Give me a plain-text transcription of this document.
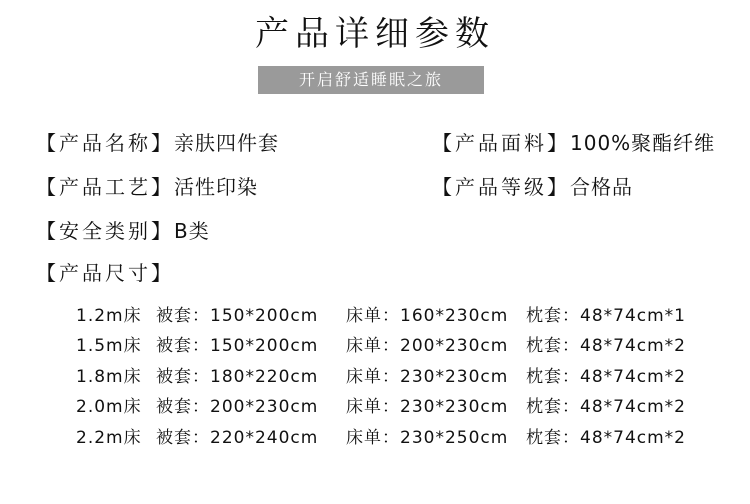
产品详细参数
开启舒适睡眠之旅
【产品名称】亲肤四件套	【产品面料】100%聚酯纤维
【产品工艺】活性印染	【产品等级】合格品
【安全类别】B类
【产品尺寸】
1.2m床 被套：150*200cm 床单：160*230cm 枕套：48*74cm*1
1.5m床 被套：150*200cm 床单：200*230cm 枕套：48*74cm*2
1.8m床 被套：180*220cm 床单：230*230cm 枕套：48*74cm*2
2.0m床 被套：200*230cm 床单：230*230cm 枕套：48*74cm*2
2.2m床 被套：220*240cm 床单：230*250cm 枕套：48*74cm*2
